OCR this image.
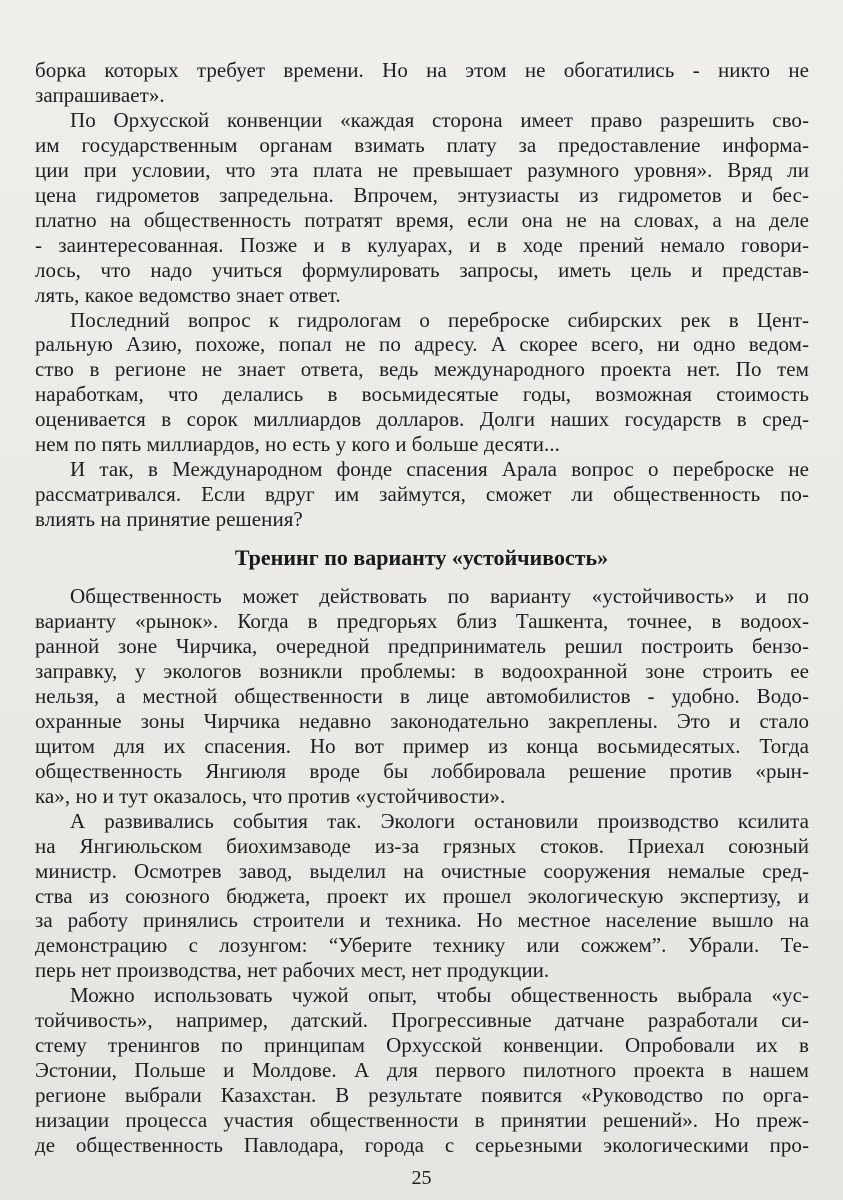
борка которых требует времени. Но на этом не обогатились - никто не
запрашивает».
По Орхусской конвенции «каждая сторона имеет право разрешить сво-
им государственным органам взимать плату за предоставление информа-
ции при условии, что эта плата не превышает разумного уровня». Вряд ли
цена гидрометов запредельна. Впрочем, энтузиасты из гидрометов и бес-
платно на общественность потратят время, если она не на словах, а на деле
- заинтересованная. Позже и в кулуарах, и в ходе прений немало говори-
лось, что надо учиться формулировать запросы, иметь цель и представ-
лять, какое ведомство знает ответ.
Последний вопрос к гидрологам о переброске сибирских рек в Цент-
ральную Азию, похоже, попал не по адресу. А скорее всего, ни одно ведом-
ство в регионе не знает ответа, ведь международного проекта нет. По тем
наработкам, что делались в восьмидесятые годы, возможная стоимость
оценивается в сорок миллиардов долларов. Долги наших государств в сред-
нем по пять миллиардов, но есть у кого и больше десяти...
И так, в Международном фонде спасения Арала вопрос о переброске не
рассматривался. Если вдруг им займутся, сможет ли общественность по-
влиять на принятие решения?
Тренинг по варианту «устойчивость»
Общественность может действовать по варианту «устойчивость» и по
варианту «рынок». Когда в предгорьях близ Ташкента, точнее, в водоох-
ранной зоне Чирчика, очередной предприниматель решил построить бензо-
заправку, у экологов возникли проблемы: в водоохранной зоне строить ее
нельзя, а местной общественности в лице автомобилистов - удобно. Водо-
охранные зоны Чирчика недавно законодательно закреплены. Это и стало
щитом для их спасения. Но вот пример из конца восьмидесятых. Тогда
общественность Янгиюля вроде бы лоббировала решение против «рын-
ка», но и тут оказалось, что против «устойчивости».
А развивались события так. Экологи остановили производство ксилита
на Янгиюльском биохимзаводе из-за грязных стоков. Приехал союзный
министр. Осмотрев завод, выделил на очистные сооружения немалые сред-
ства из союзного бюджета, проект их прошел экологическую экспертизу, и
за работу принялись строители и техника. Но местное население вышло на
демонстрацию с лозунгом: “Уберите технику или сожжем”. Убрали. Те-
перь нет производства, нет рабочих мест, нет продукции.
Можно использовать чужой опыт, чтобы общественность выбрала «ус-
тойчивость», например, датский. Прогрессивные датчане разработали си-
стему тренингов по принципам Орхусской конвенции. Опробовали их в
Эстонии, Польше и Молдове. А для первого пилотного проекта в нашем
регионе выбрали Казахстан. В результате появится «Руководство по орга-
низации процесса участия общественности в принятии решений». Но преж-
де общественность Павлодара, города с серьезными экологическими про-
25
